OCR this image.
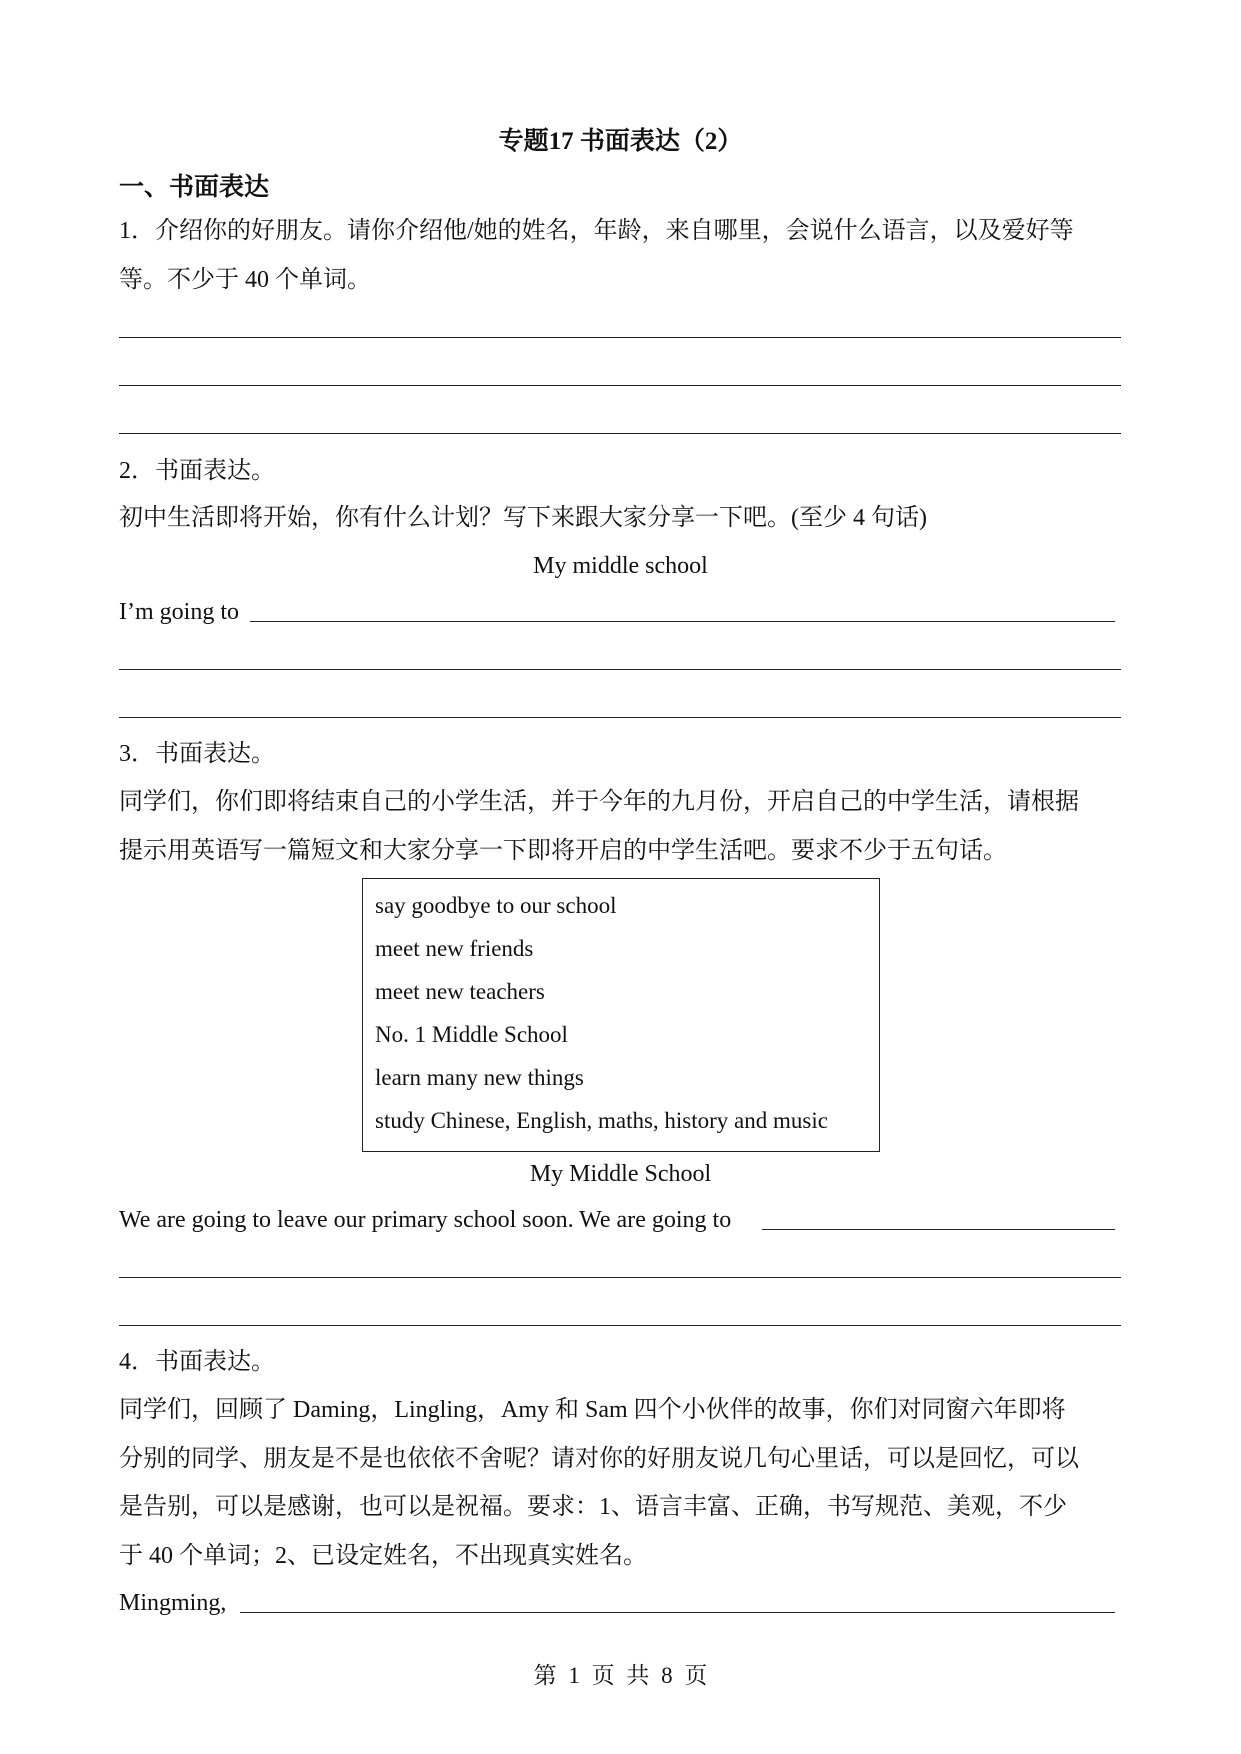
专题17 书面表达（2）
一、书面表达
1．介绍你的好朋友。请你介绍他/她的姓名，年龄，来自哪里，会说什么语言，以及爱好等
等。不少于 40 个单词。
2．书面表达。
初中生活即将开始，你有什么计划？写下来跟大家分享一下吧。(至少 4 句话)
My middle school
I’m going to
3．书面表达。
同学们，你们即将结束自己的小学生活，并于今年的九月份，开启自己的中学生活，请根据
提示用英语写一篇短文和大家分享一下即将开启的中学生活吧。要求不少于五句话。
say goodbye to our school
meet new friends
meet new teachers
No. 1 Middle School
learn many new things
study Chinese, English, maths, history and music
My Middle School
We are going to leave our primary school soon. We are going to
4．书面表达。
同学们，回顾了 Daming，Lingling，Amy 和 Sam 四个小伙伴的故事，你们对同窗六年即将
分别的同学、朋友是不是也依依不舍呢？请对你的好朋友说几句心里话，可以是回忆，可以
是告别，可以是感谢，也可以是祝福。要求：1、语言丰富、正确，书写规范、美观，不少
于 40 个单词；2、已设定姓名，不出现真实姓名。
Mingming,
第 1 页 共 8 页
